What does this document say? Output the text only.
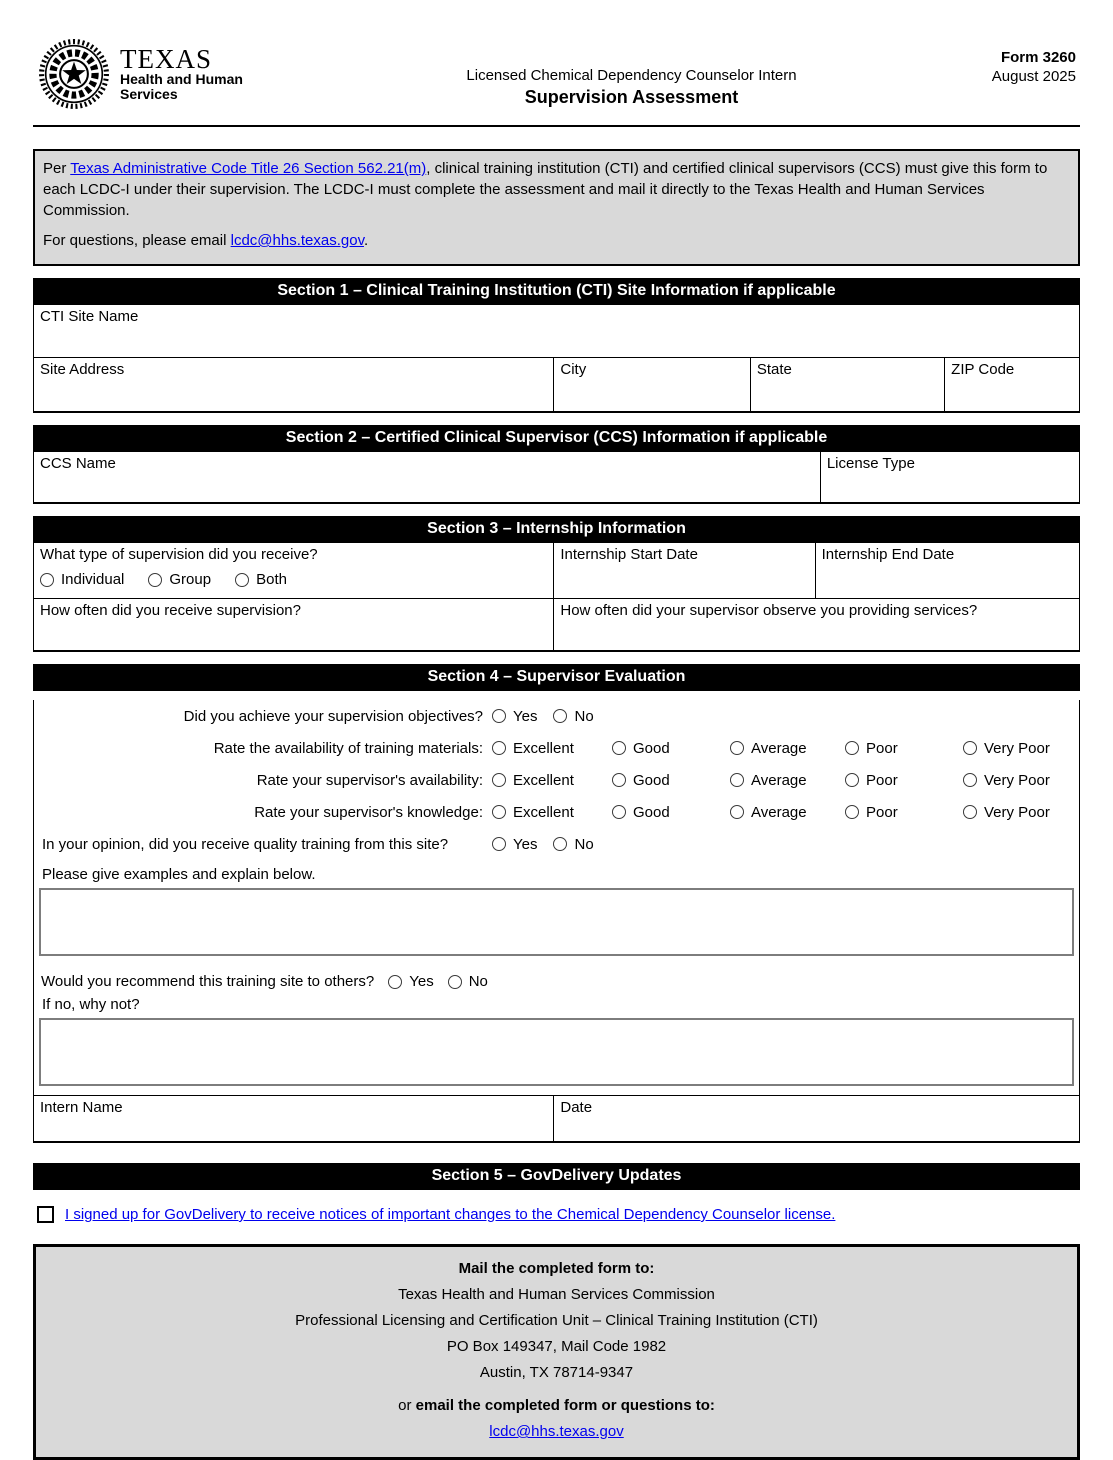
TEXAS
Health and Human
Services
Licensed Chemical Dependency Counselor Intern
Supervision Assessment
Form 3260
August 2025

Per Texas Administrative Code Title 26 Section 562.21(m), clinical training institution (CTI) and certified clinical supervisors (CCS) must give this form to each LCDC-I under their supervision. The LCDC-I must complete the assessment and mail it directly to the Texas Health and Human Services Commission.

For questions, please email lcdc@hhs.texas.gov.

Section 1 – Clinical Training Institution (CTI) Site Information if applicable
CTI Site Name
Site Address	City	State	ZIP Code
Section 2 – Certified Clinical Supervisor (CCS) Information if applicable
CCS Name	License Type
Section 3 – Internship Information
What type of supervision did you receive?
Individual	Group	Both
Internship Start Date	Internship End Date
How often did you receive supervision?	How often did your supervisor observe you providing services?
Section 4 – Supervisor Evaluation
Did you achieve your supervision objectives?	Yes No
Rate the availability of training materials:	Excellent	Good	Average	Poor	Very Poor
Rate your supervisor's availability:	Excellent	Good	Average	Poor	Very Poor
Rate your supervisor's knowledge:	Excellent	Good	Average	Poor	Very Poor
In your opinion, did you receive quality training from this site?	Yes No
Please give examples and explain below.
Would you recommend this training site to others? Yes No
If no, why not?
Intern Name	Date
Section 5 – GovDelivery Updates
I signed up for GovDelivery to receive notices of important changes to the Chemical Dependency Counselor license.
Mail the completed form to:
Texas Health and Human Services Commission
Professional Licensing and Certification Unit – Clinical Training Institution (CTI)
PO Box 149347, Mail Code 1982
Austin, TX 78714-9347
or email the completed form or questions to:
lcdc@hhs.texas.gov
